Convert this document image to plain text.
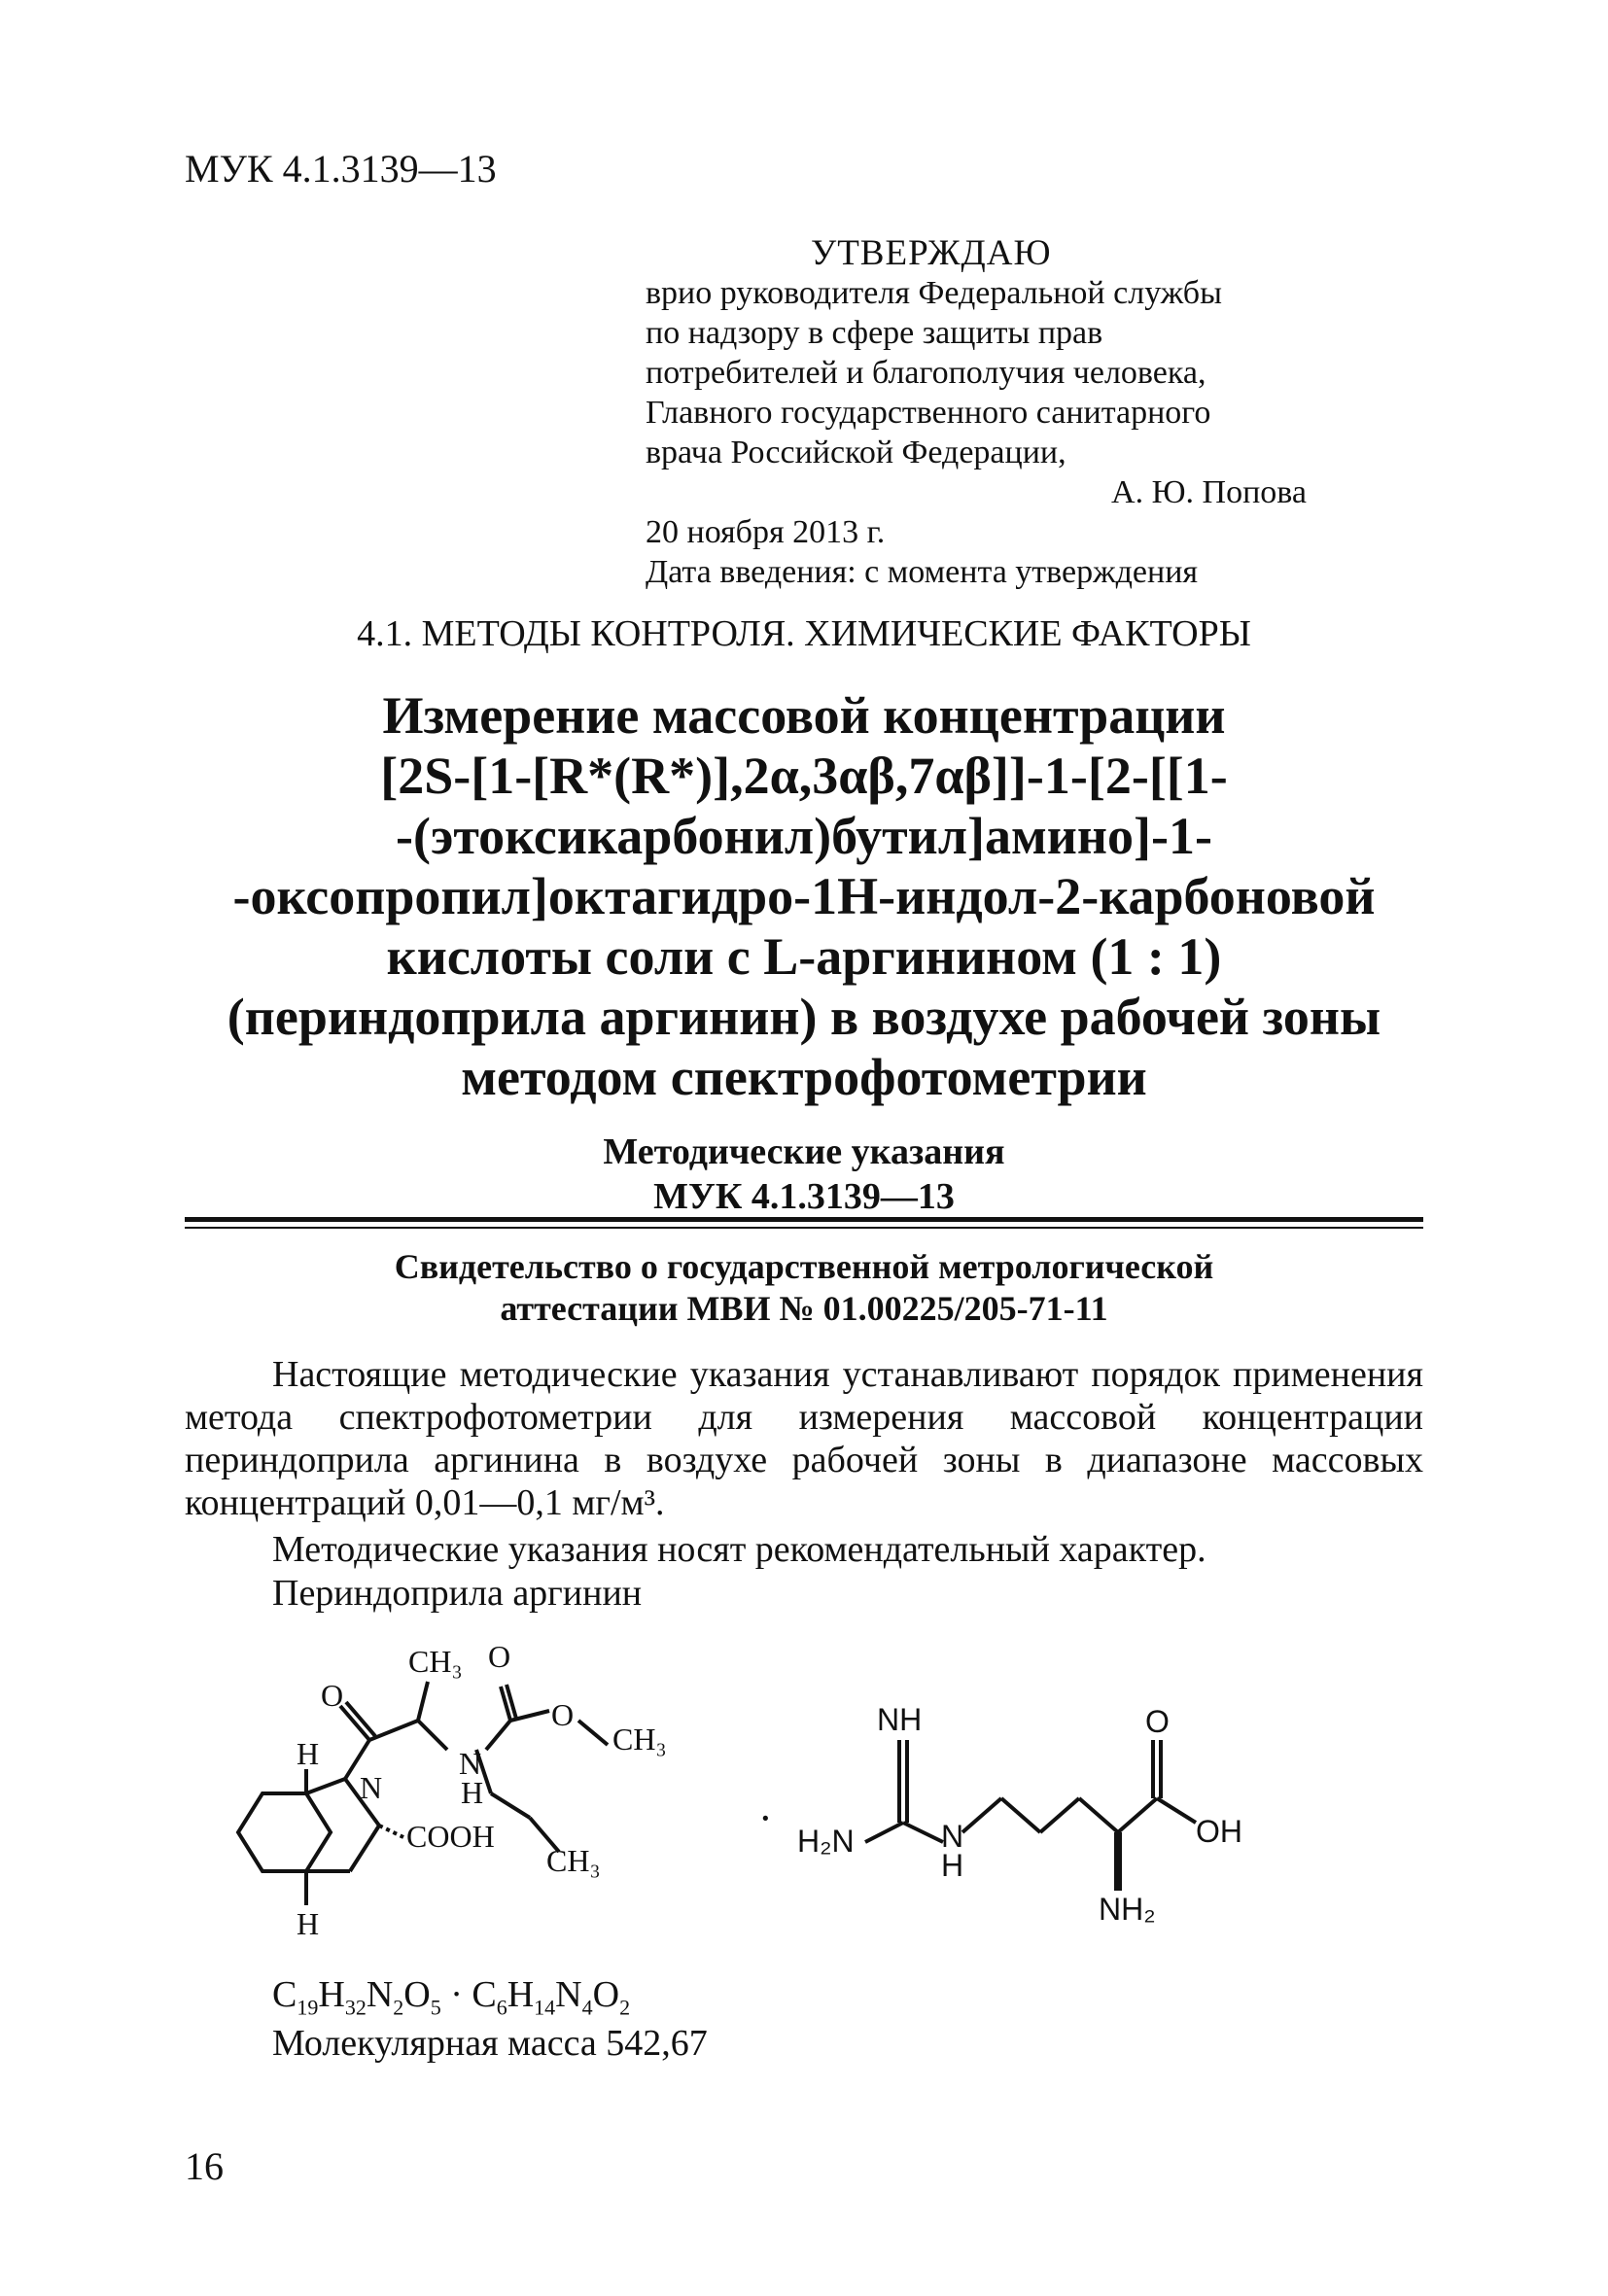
МУК 4.1.3139—13
УТВЕРЖДАЮ
врио руководителя Федеральной службы
по надзору в сфере защиты прав
потребителей и благополучия человека,
Главного государственного санитарного
врача Российской Федерации,
А. Ю. Попова
20 ноября 2013 г.
Дата введения: с момента утверждения
4.1. МЕТОДЫ КОНТРОЛЯ. ХИМИЧЕСКИЕ ФАКТОРЫ
Измерение массовой концентрации
[2S-[1-[R*(R*)],2α,3αβ,7αβ]]-1-[2-[[1-
-(этоксикарбонил)бутил]амино]-1-
-оксопропил]октагидро-1Н-индол-2-карбоновой
кислоты соли с L-аргинином (1 : 1)
(периндоприла аргинин) в воздухе рабочей зоны
методом спектрофотометрии
Методические указания
МУК 4.1.3139—13
Свидетельство о государственной метрологической
аттестации МВИ № 01.00225/205-71-11
Настоящие методические указания устанавливают порядок применения метода спектрофотометрии для измерения массовой концентрации периндоприла аргинина в воздухе рабочей зоны в диапазоне массовых концентраций 0,01—0,1 мг/м³.
Методические указания носят рекомендательный характер.
Периндоприла аргинин
CH₃ O
O
O
CH₃
H
N
N
H
COOH
CH₃
H
·
NH
H₂N	N
H
O
OH
NH₂
$C_{19}H_{32}N_2O_5 \cdot C_6H_{14}N_4O_2$
Молекулярная масса 542,67
16
